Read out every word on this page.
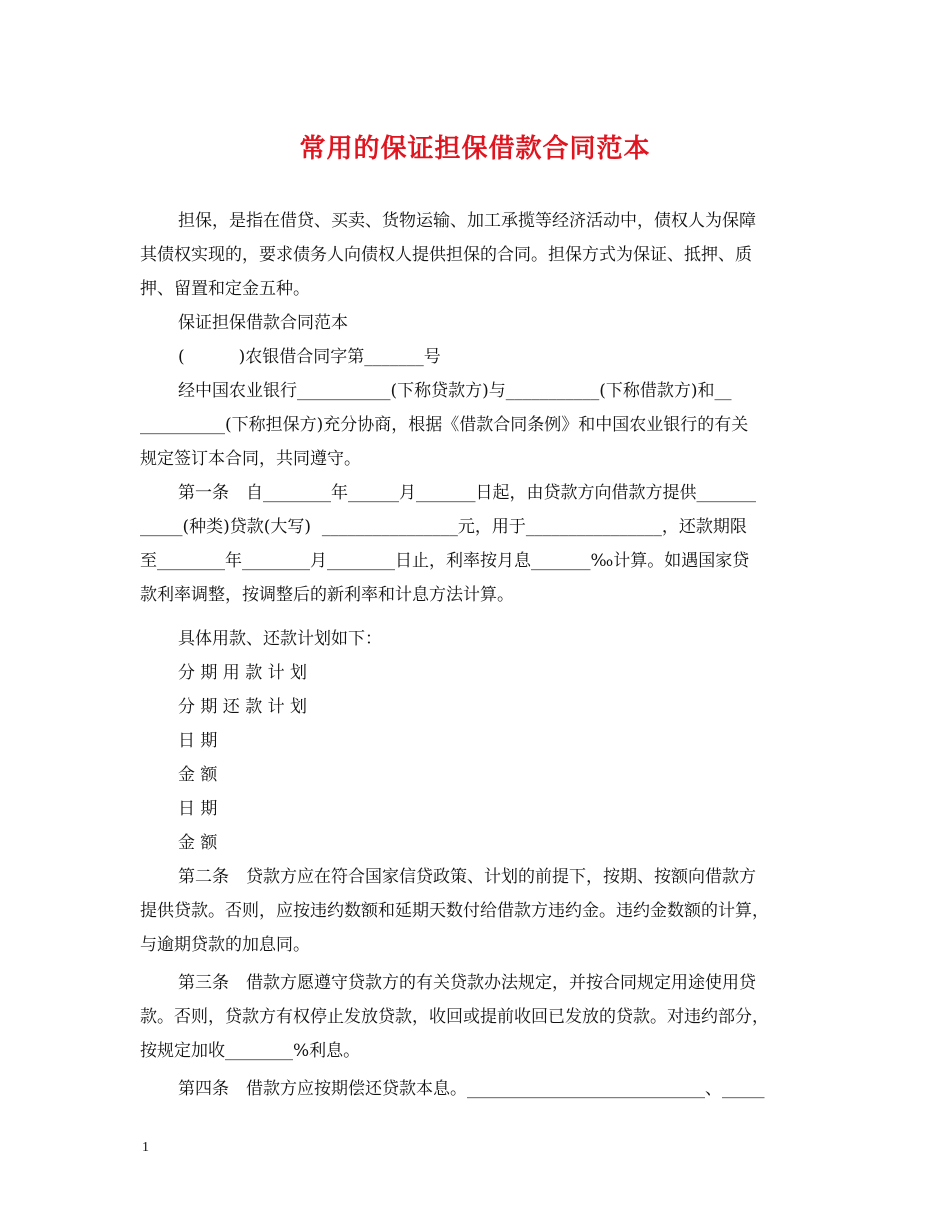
常用的保证担保借款合同范本
担保，是指在借贷、买卖、货物运输、加工承揽等经济活动中，债权人为保障
其债权实现的，要求债务人向债权人提供担保的合同。担保方式为保证、抵押、质
押、留置和定金五种。
保证担保借款合同范本
(          )农银借合同字第_______号
经中国农业银行___________(下称贷款方)与___________(下称借款方)和__
__________(下称担保方)充分协商，根据《借款合同条例》和中国农业银行的有关
规定签订本合同，共同遵守。
第一条　自________年______月_______日起，由贷款方向借款方提供_______
_____(种类)贷款(大写)  ________________元，用于________________，还款期限
至________年________月________日止，利率按月息_______‰计算。如遇国家贷
款利率调整，按调整后的新利率和计息方法计算。
具体用款、还款计划如下：
分 期 用 款 计 划
分 期 还 款 计 划
日 期
金 额
日 期
金 额
第二条　贷款方应在符合国家信贷政策、计划的前提下，按期、按额向借款方
提供贷款。否则，应按违约数额和延期天数付给借款方违约金。违约金数额的计算，
与逾期贷款的加息同。
第三条　借款方愿遵守贷款方的有关贷款办法规定，并按合同规定用途使用贷
款。否则，贷款方有权停止发放贷款，收回或提前收回已发放的贷款。对违约部分，
按规定加收________%利息。
第四条　借款方应按期偿还贷款本息。____________________________、_____
1
